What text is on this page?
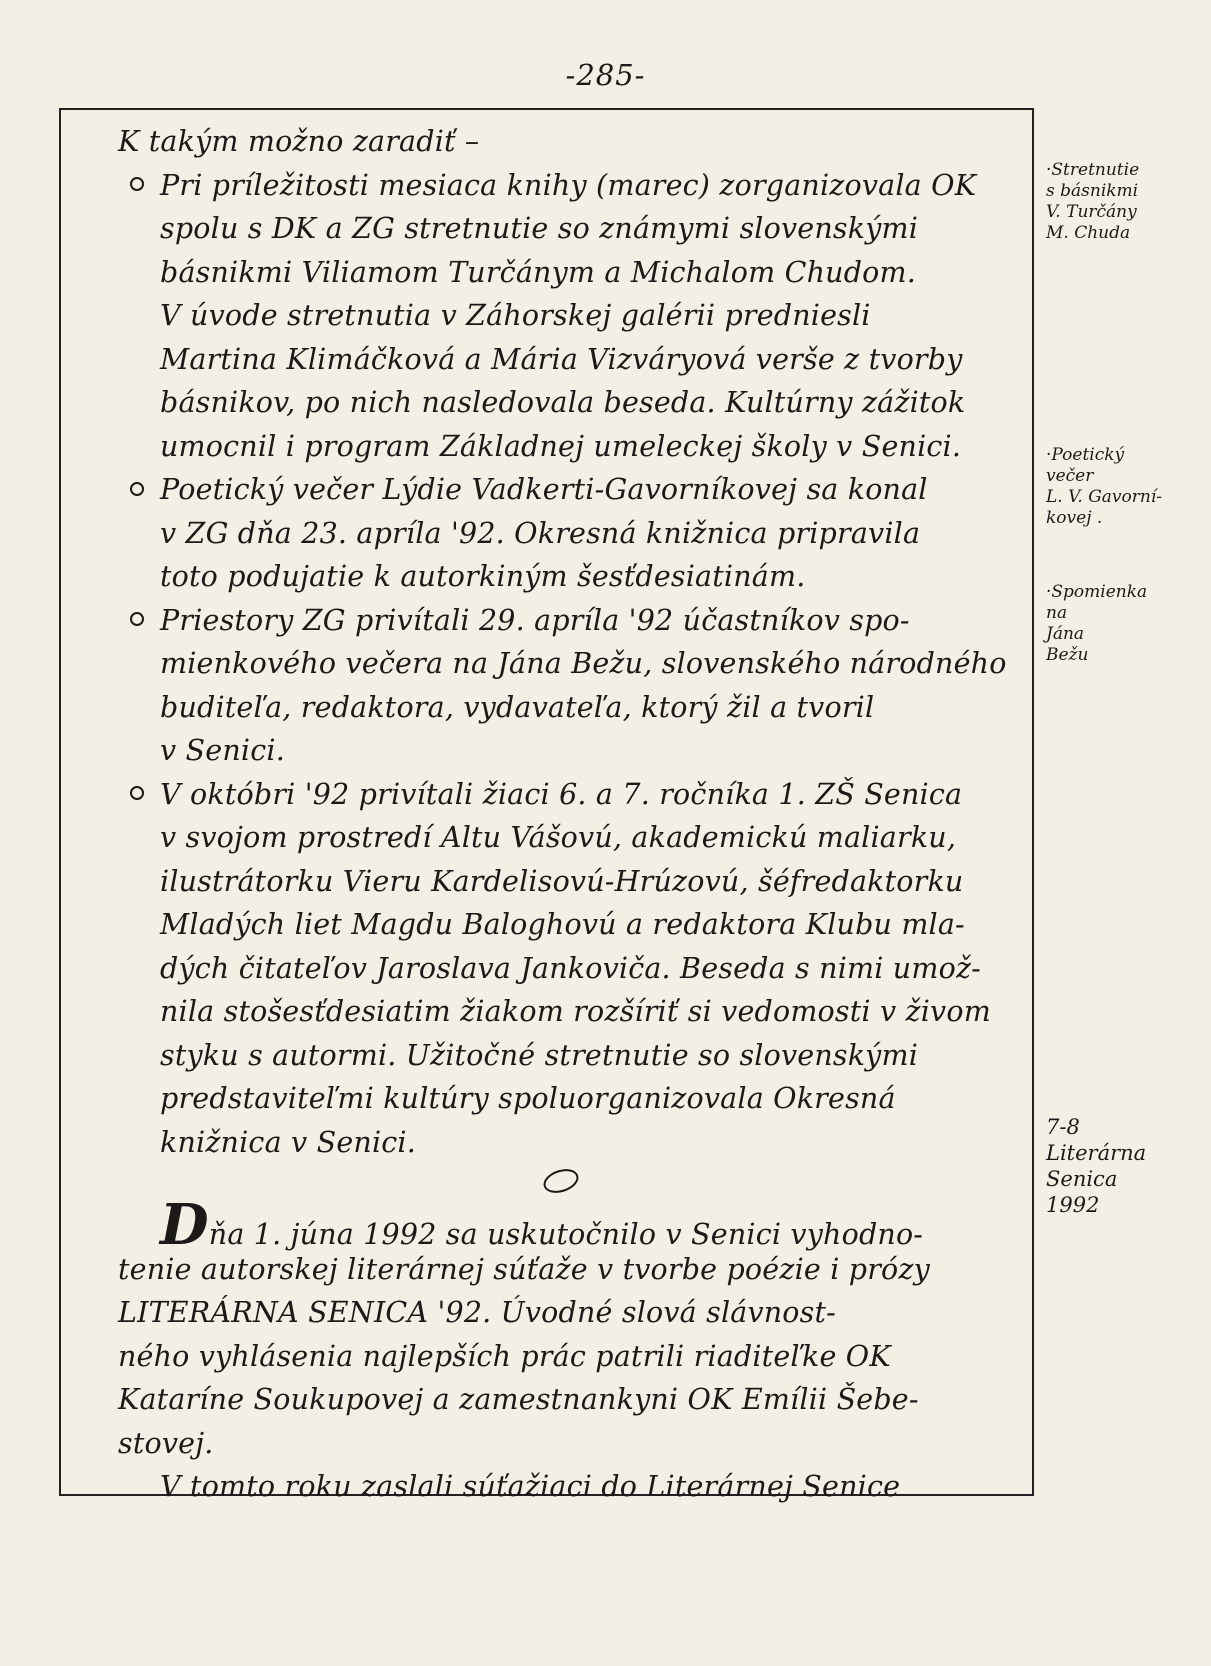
-285-
K takým možno zaradiť –
Pri príležitosti mesiaca knihy (marec) zorganizovala OK
spolu s DK a ZG stretnutie so známymi slovenskými
básnikmi Viliamom Turčánym a Michalom Chudom.
V úvode stretnutia v Záhorskej galérii predniesli
Martina Klimáčková a Mária Vizváryová verše z tvorby
básnikov, po nich nasledovala beseda. Kultúrny zážitok
umocnil i program Základnej umeleckej školy v Senici.
Poetický večer Lýdie Vadkerti-Gavorníkovej sa konal
v ZG dňa 23. apríla '92. Okresná knižnica pripravila
toto podujatie k autorkiným šesťdesiatinám.
Priestory ZG privítali 29. apríla '92 účastníkov spo-
mienkového večera na Jána Bežu, slovenského národného
buditeľa, redaktora, vydavateľa, ktorý žil a tvoril
v Senici.
V októbri '92 privítali žiaci 6. a 7. ročníka 1. ZŠ Senica
v svojom prostredí Altu Vášovú, akademickú maliarku,
ilustrátorku Vieru Kardelisovú-Hrúzovú, šéfredaktorku
Mladých liet Magdu Baloghovú a redaktora Klubu mla-
dých čitateľov Jaroslava Jankoviča. Beseda s nimi umož-
nila stošesťdesiatim žiakom rozšíriť si vedomosti v živom
styku s autormi. Užitočné stretnutie so slovenskými
predstaviteľmi kultúry spoluorganizovala Okresná
knižnica v Senici.
Dňa 1. júna 1992 sa uskutočnilo v Senici vyhodno-
tenie autorskej literárnej súťaže v tvorbe poézie i prózy
LITERÁRNA SENICA '92. Úvodné slová slávnost-
ného vyhlásenia najlepších prác patrili riaditeľke OK
Kataríne Soukupovej a zamestnankyni OK Emílii Šebe-
stovej.
V tomto roku zaslali súťažiaci do Literárnej Senice
·Stretnutie
s básnikmi
V. Turčány
M. Chuda
·Poetický
večer
L. V. Gavorní-
kovej .
·Spomienka
na
Jána
Bežu
7-8
Literárna
Senica
1992
